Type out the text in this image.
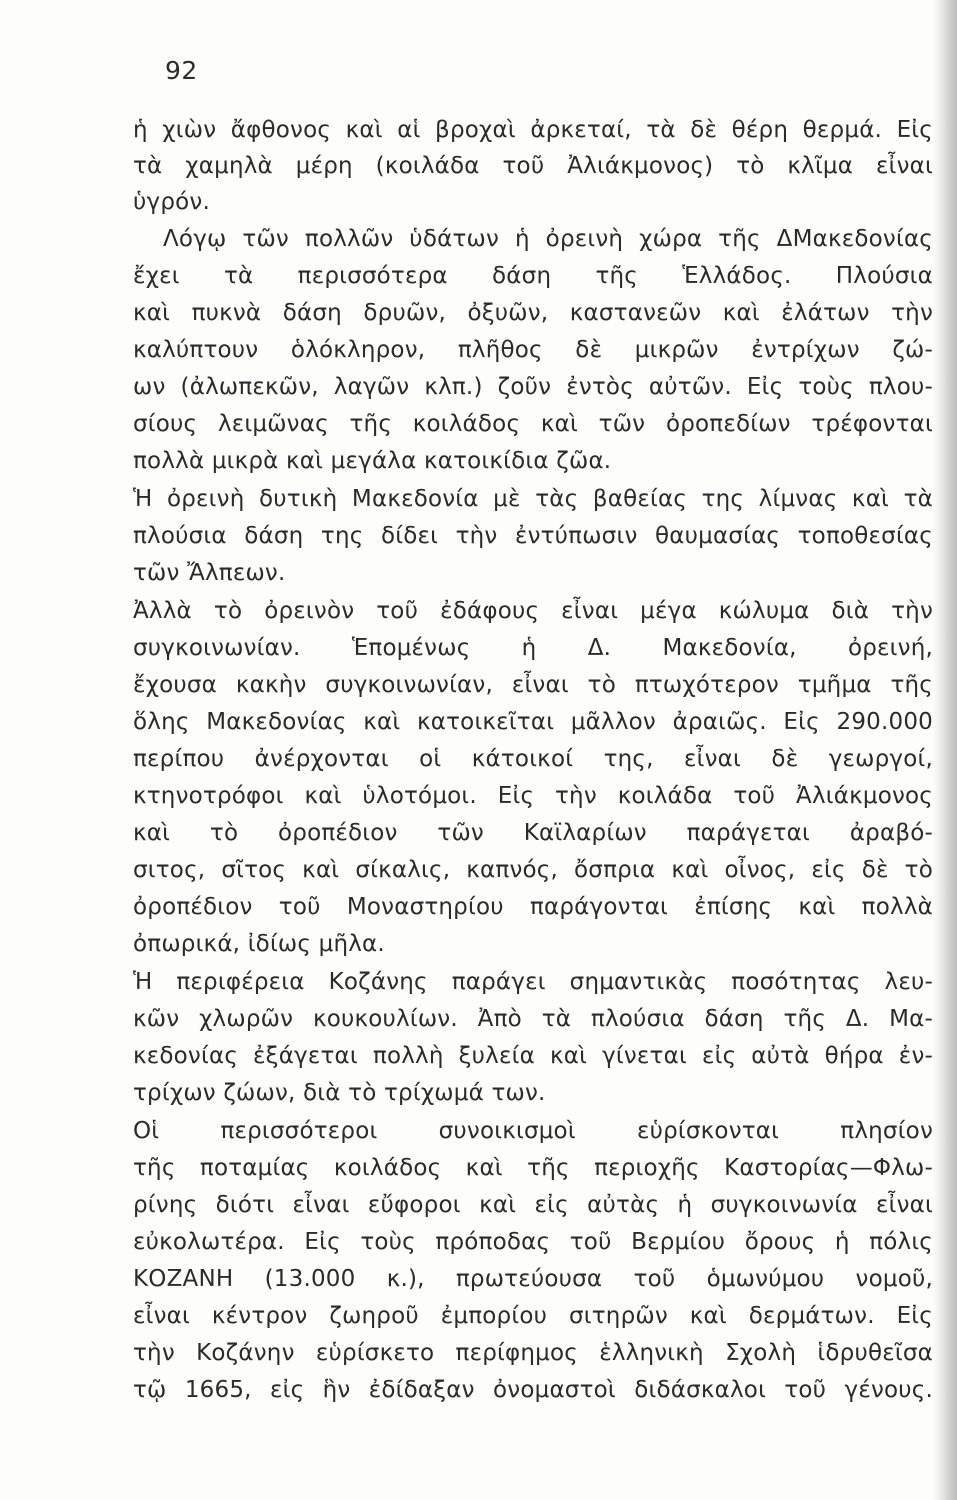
92
ἡ χιὼν ἄφθονος καὶ αἱ βροχαὶ ἀρκεταί, τὰ δὲ θέρη θερμά. Εἰς
τὰ χαμηλὰ μέρη (κοιλάδα τοῦ Ἀλιάκμονος) τὸ κλῖμα εἶναι
ὑγρόν.
Λόγῳ τῶν πολλῶν ὑδάτων ἡ ὀρεινὴ χώρα τῆς ΔΜακεδονίας
ἔχει τὰ περισσότερα δάση τῆς Ἑλλάδος. Πλούσια
καὶ πυκνὰ δάση δρυῶν, ὀξυῶν, καστανεῶν καὶ ἐλάτων τὴν
καλύπτουν ὁλόκληρον, πλῆθος δὲ μικρῶν ἐντρίχων ζώ-
ων (ἀλωπεκῶν, λαγῶν κλπ.) ζοῦν ἐντὸς αὐτῶν. Εἰς τοὺς πλου-
σίους λειμῶνας τῆς κοιλάδος καὶ τῶν ὀροπεδίων τρέφονται
πολλὰ μικρὰ καὶ μεγάλα κατοικίδια ζῶα.
Ἡ ὀρεινὴ δυτικὴ Μακεδονία μὲ τὰς βαθείας της λίμνας καὶ τὰ
πλούσια δάση της δίδει τὴν ἐντύπωσιν θαυμασίας τοποθεσίας
τῶν Ἄλπεων.
Ἀλλὰ τὸ ὀρεινὸν τοῦ ἐδάφους εἶναι μέγα κώλυμα διὰ τὴν
συγκοινωνίαν. Ἑπομένως ἡ Δ. Μακεδονία, ὀρεινή,
ἔχουσα κακὴν συγκοινωνίαν, εἶναι τὸ πτωχότερον τμῆμα τῆς
ὅλης Μακεδονίας καὶ κατοικεῖται μᾶλλον ἀραιῶς. Εἰς 290.000
περίπου ἀνέρχονται οἱ κάτοικοί της, εἶναι δὲ γεωργοί,
κτηνοτρόφοι καὶ ὑλοτόμοι. Εἰς τὴν κοιλάδα τοῦ Ἀλιάκμονος
καὶ τὸ ὀροπέδιον τῶν Καϊλαρίων παράγεται ἀραβό-
σιτος, σῖτος καὶ σίκαλις, καπνός, ὄσπρια καὶ οἶνος, εἰς δὲ τὸ
ὀροπέδιον τοῦ Μοναστηρίου παράγονται ἐπίσης καὶ πολλὰ
ὀπωρικά, ἰδίως μῆλα.
Ἡ περιφέρεια Κοζάνης παράγει σημαντικὰς ποσότητας λευ-
κῶν χλωρῶν κουκουλίων. Ἀπὸ τὰ πλούσια δάση τῆς Δ. Μα-
κεδονίας ἐξάγεται πολλὴ ξυλεία καὶ γίνεται εἰς αὐτὰ θήρα ἐν-
τρίχων ζώων, διὰ τὸ τρίχωμά των.
Οἱ περισσότεροι συνοικισμοὶ εὑρίσκονται πλησίον
τῆς ποταμίας κοιλάδος καὶ τῆς περιοχῆς Καστορίας—Φλω-
ρίνης διότι εἶναι εὔφοροι καὶ εἰς αὐτὰς ἡ συγκοινωνία εἶναι
εὐκολωτέρα. Εἰς τοὺς πρόποδας τοῦ Βερμίου ὄρους ἡ πόλις
ΚΟΖΑΝΗ (13.000 κ.), πρωτεύουσα τοῦ ὁμωνύμου νομοῦ,
εἶναι κέντρον ζωηροῦ ἐμπορίου σιτηρῶν καὶ δερμάτων. Εἰς
τὴν Κοζάνην εὑρίσκετο περίφημος ἑλληνικὴ Σχολὴ ἱδρυθεῖσα
τῷ 1665, εἰς ἣν ἐδίδαξαν ὀνομαστοὶ διδάσκαλοι τοῦ γένους.
